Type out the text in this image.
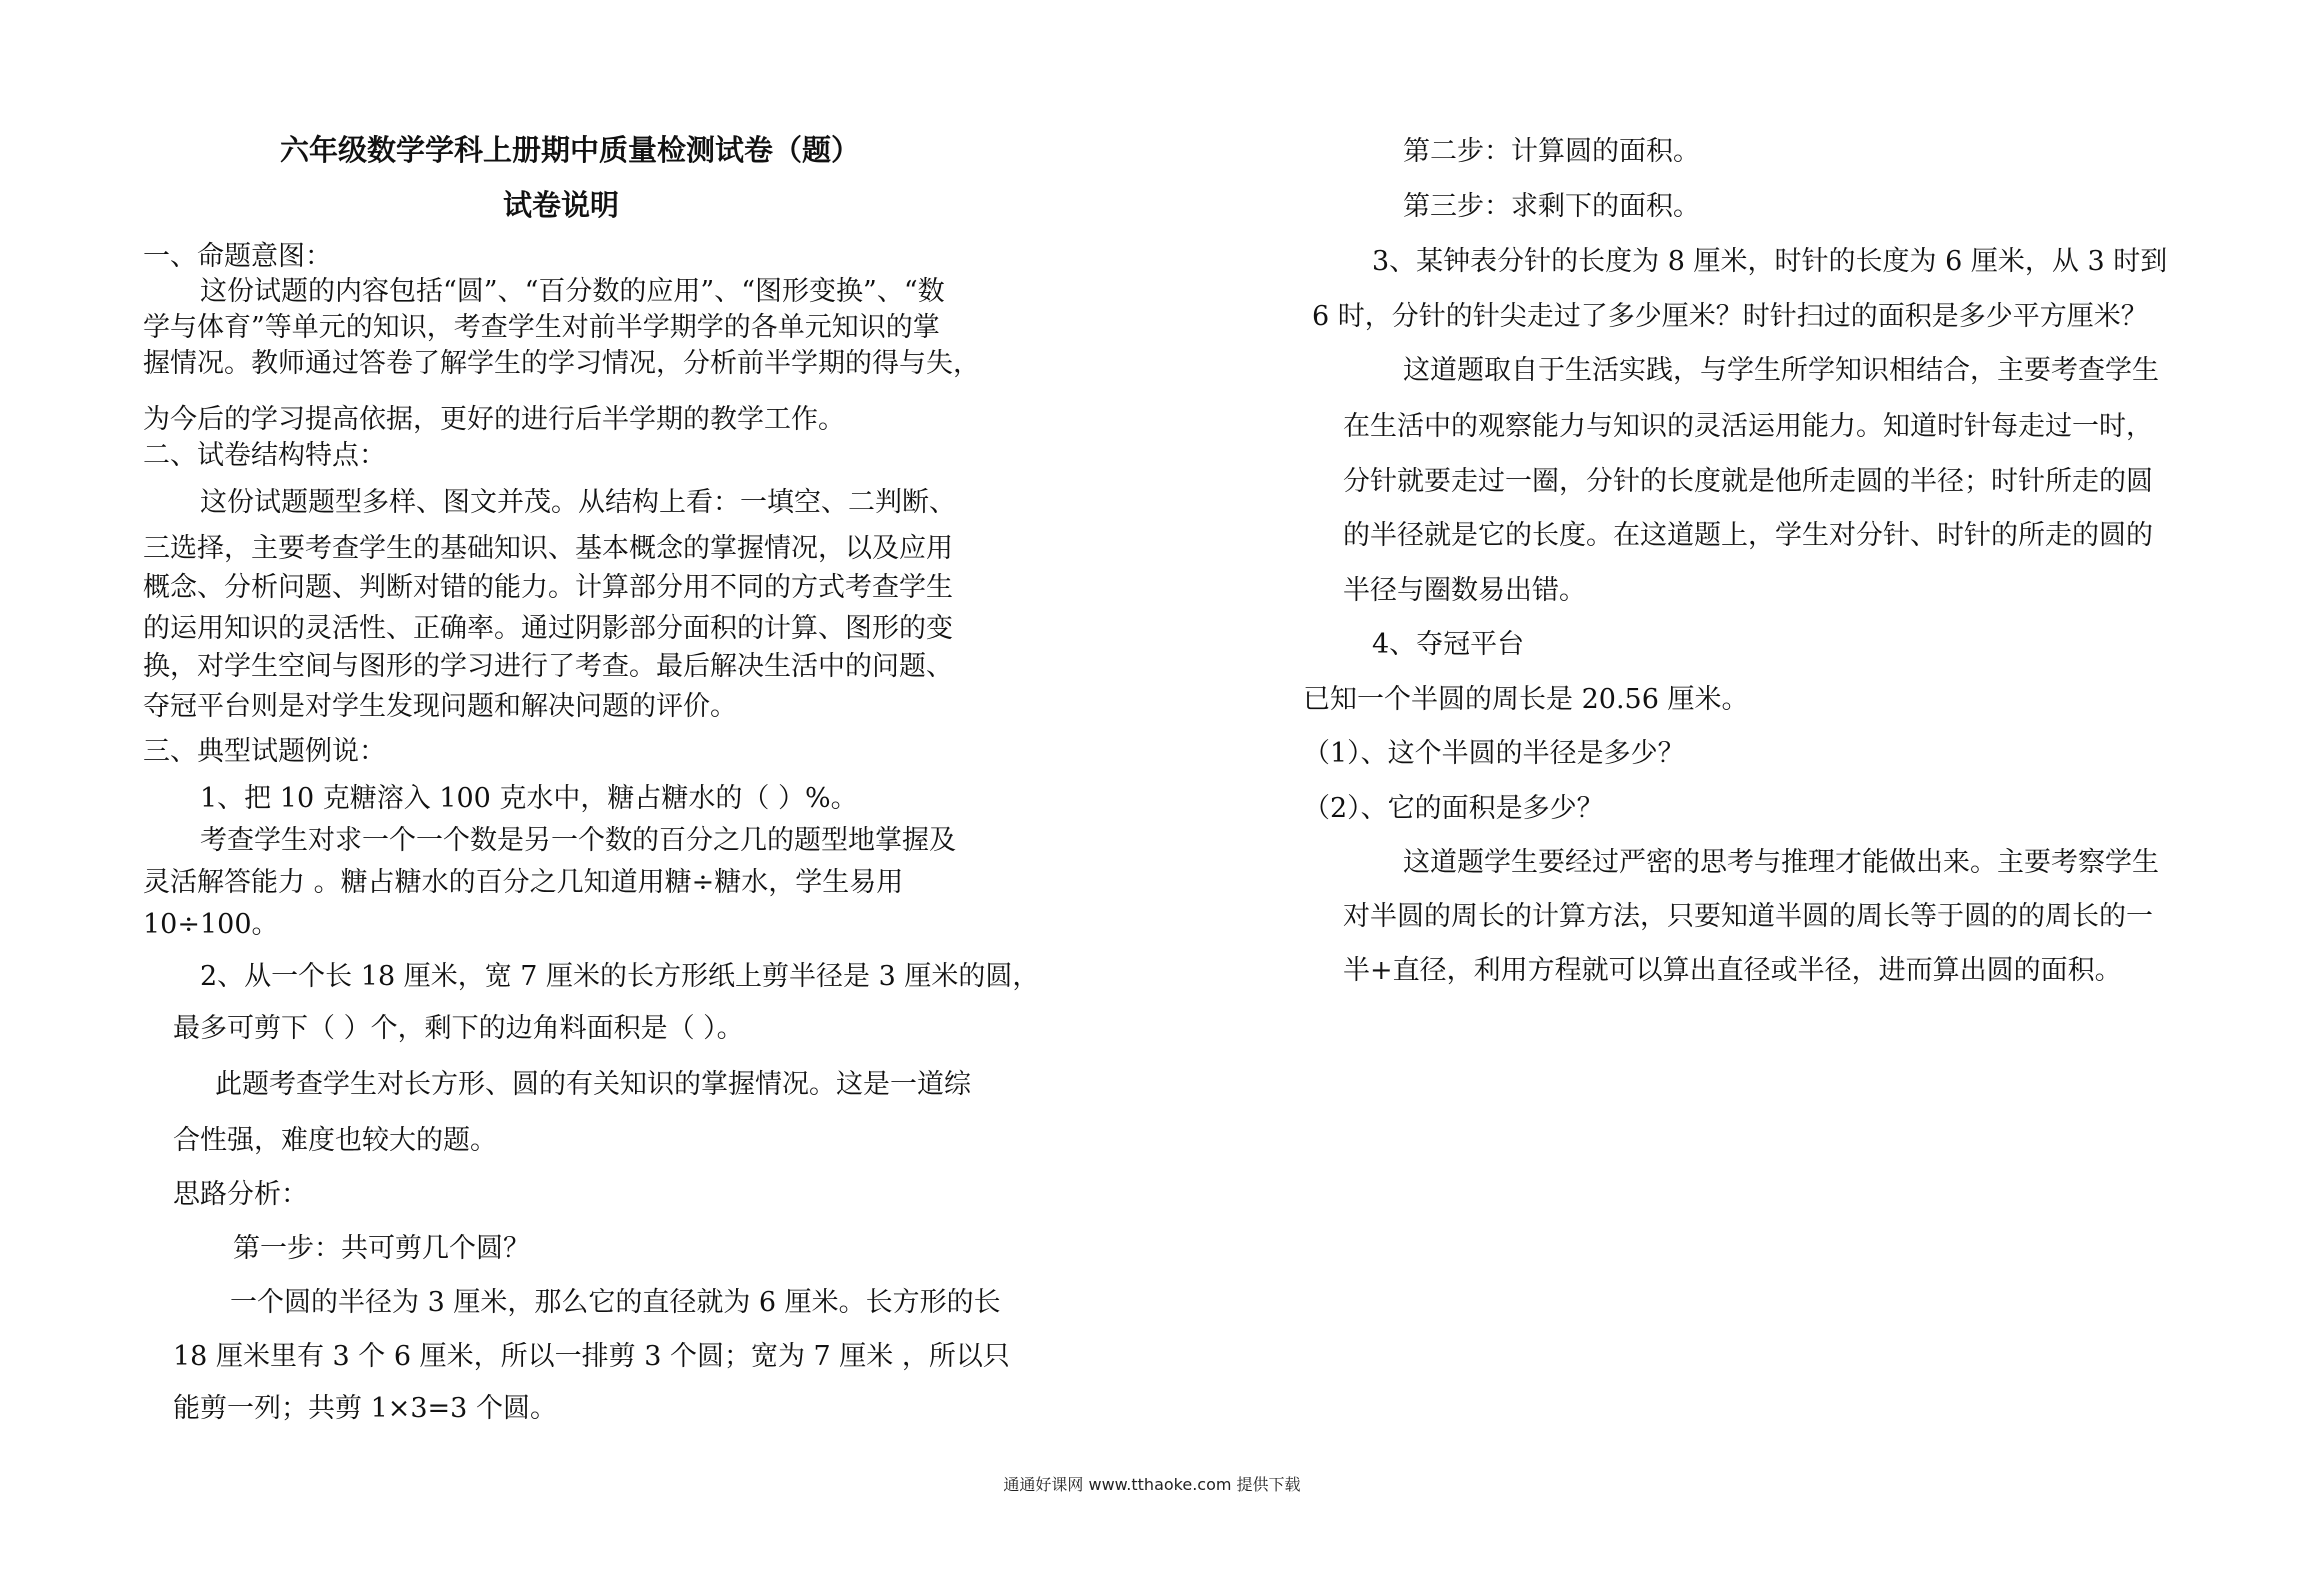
六年级数学学科上册期中质量检测试卷（题）

试卷说明

一、命题意图：

这份试题的内容包括“圆”、“百分数的应用”、“图形变换”、“数

学与体育”等单元的知识，考查学生对前半学期学的各单元知识的掌

握情况。教师通过答卷了解学生的学习情况，分析前半学期的得与失，

为今后的学习提高依据，更好的进行后半学期的教学工作。

二、试卷结构特点：

这份试题题型多样、图文并茂。从结构上看：一填空、二判断、

三选择，主要考查学生的基础知识、基本概念的掌握情况，以及应用

概念、分析问题、判断对错的能力。计算部分用不同的方式考查学生

的运用知识的灵活性、正确率。通过阴影部分面积的计算、图形的变

换，对学生空间与图形的学习进行了考查。最后解决生活中的问题、

夺冠平台则是对学生发现问题和解决问题的评价。

三、典型试题例说：

1、把 10 克糖溶入 100 克水中，糖占糖水的（ ）%。

考查学生对求一个一个数是另一个数的百分之几的题型地掌握及

灵活解答能力 。糖占糖水的百分之几知道用糖÷糖水，学生易用

10÷100。

2、从一个长 18 厘米，宽 7 厘米的长方形纸上剪半径是 3 厘米的圆，

最多可剪下（ ）个，剩下的边角料面积是（ ）。

此题考查学生对长方形、圆的有关知识的掌握情况。这是一道综

合性强，难度也较大的题。

思路分析：

第一步：共可剪几个圆？

一个圆的半径为 3 厘米，那么它的直径就为 6 厘米。长方形的长

18 厘米里有 3 个 6 厘米，所以一排剪 3 个圆；宽为 7 厘米 ，所以只

能剪一列；共剪 1×3=3 个圆。

第二步：计算圆的面积。

第三步：求剩下的面积。

3、某钟表分针的长度为 8 厘米，时针的长度为 6 厘米，从 3 时到

6 时，分针的针尖走过了多少厘米？时针扫过的面积是多少平方厘米？

这道题取自于生活实践，与学生所学知识相结合，主要考查学生

在生活中的观察能力与知识的灵活运用能力。知道时针每走过一时，

分针就要走过一圈，分针的长度就是他所走圆的半径；时针所走的圆

的半径就是它的长度。在这道题上，学生对分针、时针的所走的圆的

半径与圈数易出错。

4、夺冠平台

已知一个半圆的周长是 20.56 厘米。

（1）、这个半圆的半径是多少？

（2）、它的面积是多少？

这道题学生要经过严密的思考与推理才能做出来。主要考察学生

对半圆的周长的计算方法，只要知道半圆的周长等于圆的的周长的一

半+直径，利用方程就可以算出直径或半径，进而算出圆的面积。

通通好课网 www.tthaoke.com 提供下载
